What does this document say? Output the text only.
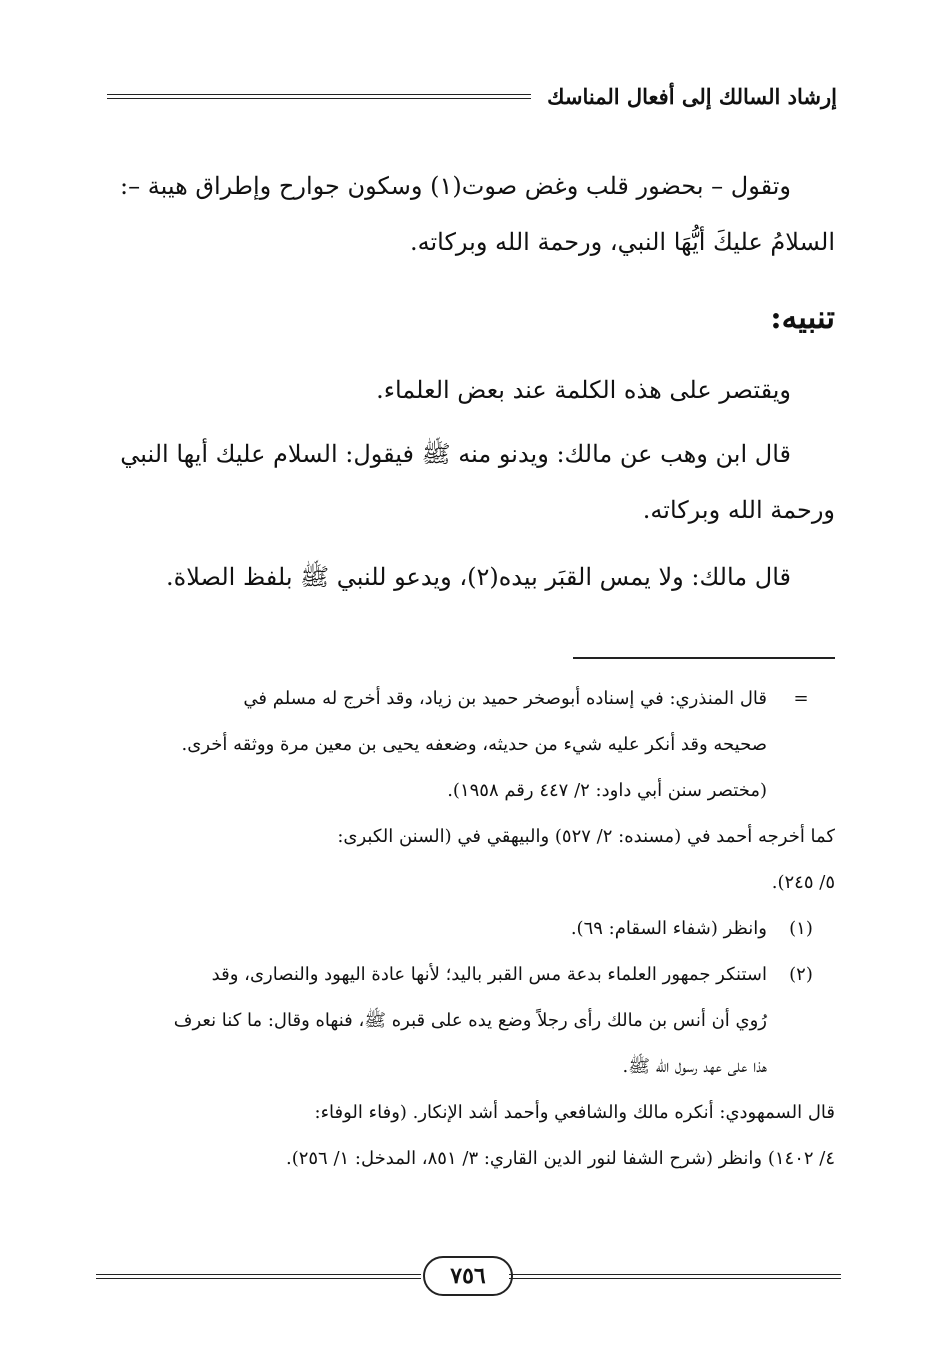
إرشاد السالك إلى أفعال المناسك

وتقول – بحضور قلب وغض صوت(١) وسكون جوارح وإطراق هيبة –:

السلامُ عليكَ أيُّهَا النبي، ورحمة الله وبركاته.

تنبيه:

ويقتصر على هذه الكلمة عند بعض العلماء.

قال ابن وهب عن مالك: ويدنو منه ﷺ فيقول: السلام عليك أيها النبي

ورحمة الله وبركاته.

قال مالك: ولا يمس القبَر بيده(٢)، ويدعو للنبي ﷺ بلفظ الصلاة.

=
قال المنذري: في إسناده أبوصخر حميد بن زياد، وقد أخرج له مسلم في
صحيحه وقد أنكر عليه شيء من حديثه، وضعفه يحيى بن معين مرة ووثقه أخرى.
(مختصر سنن أبي داود: ٢/ ٤٤٧ رقم ١٩٥٨).
كما أخرجه أحمد في (مسنده: ٢/ ٥٢٧) والبيهقي في (السنن الكبرى:
٥/ ٢٤٥).
(١)
وانظر (شفاء السقام: ٦٩).
(٢)
استنكر جمهور العلماء بدعة مس القبر باليد؛ لأنها عادة اليهود والنصارى، وقد
رُوي أن أنس بن مالك رأى رجلاً وضع يده على قبره ﷺ، فنهاه وقال: ما كنا نعرف
هذا على عهد رسول الله ﷺ.
قال السمهودي: أنكره مالك والشافعي وأحمد أشد الإنكار. (وفاء الوفاء:
٤/ ١٤٠٢) وانظر (شرح الشفا لنور الدين القاري: ٣/ ٨٥١، المدخل: ١/ ٢٥٦).
٧٥٦
